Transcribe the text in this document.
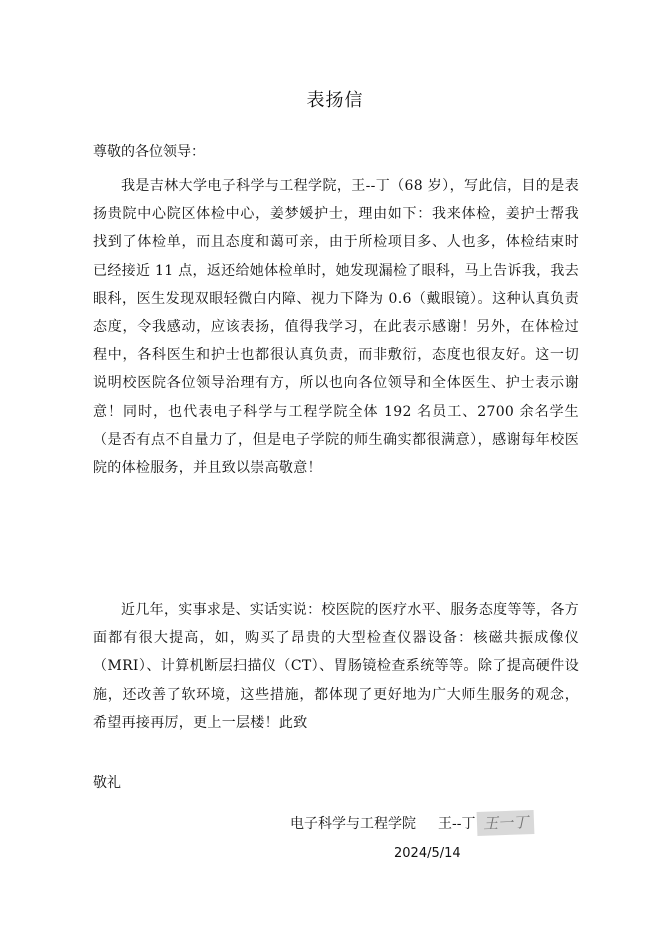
表扬信
尊敬的各位领导：

我是吉林大学电子科学与工程学院，王--丁（68 岁），写此信，目的是表扬贵院中心院区体检中心，姜梦媛护士，理由如下：我来体检，姜护士帮我找到了体检单，而且态度和蔼可亲，由于所检项目多、人也多，体检结束时已经接近 11 点，返还给她体检单时，她发现漏检了眼科，马上告诉我，我去眼科，医生发现双眼轻微白内障、视力下降为 0.6（戴眼镜）。这种认真负责态度，令我感动，应该表扬，值得我学习，在此表示感谢！另外，在体检过程中，各科医生和护士也都很认真负责，而非敷衍，态度也很友好。这一切说明校医院各位领导治理有方，所以也向各位领导和全体医生、护士表示谢意！同时，也代表电子科学与工程学院全体 192 名员工、2700 余名学生（是否有点不自量力了，但是电子学院的师生确实都很满意），感谢每年校医院的体检服务，并且致以崇高敬意！

近几年，实事求是、实话实说：校医院的医疗水平、服务态度等等，各方面都有很大提高，如，购买了昂贵的大型检查仪器设备：核磁共振成像仪（MRI）、计算机断层扫描仪（CT）、胃肠镜检查系统等等。除了提高硬件设施，还改善了软环境，这些措施，都体现了更好地为广大师生服务的观念，希望再接再厉，更上一层楼！此致

敬礼
电子科学与工程学院 王--丁 王一丁
2024/5/14
